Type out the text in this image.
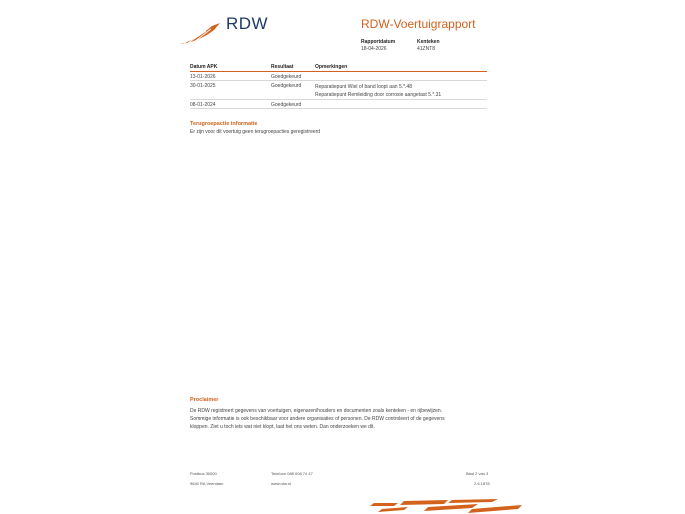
RDW	RDW-Voertuigrapport
Rapportdatum
18-04-2026
Kenteken
41ZNT8
Datum APK	Resultaat	Opmerkingen
13-01-2026	Goedgekeurd
30-01-2025	Goedgekeurd	Reparatiepunt Wiel of band loopt aan 5.*.48
Reparatiepunt Remleiding door corrosie aangetast 5.*.31
08-01-2024	Goedgekeurd
Terugroepactie informatie
Er zijn voor dit voertuig geen terugroepacties geregistreerd
Proclaimer
De RDW registreert gegevens van voertuigen, eigenaren/houders en documenten zoals kenteken - en rijbewijzen.
Sommige informatie is ook beschikbaar voor andere organisaties of personen. De RDW controleert of de gegevens
kloppen. Ziet u toch iets wat niet klopt, laat het ons weten. Dan onderzoeken we dit.
Postbus 30000
9640 RA Veendam
Telefoon 088 008 74 47
www.rdw.nl
Blad 2 van 3
2.6.1878
